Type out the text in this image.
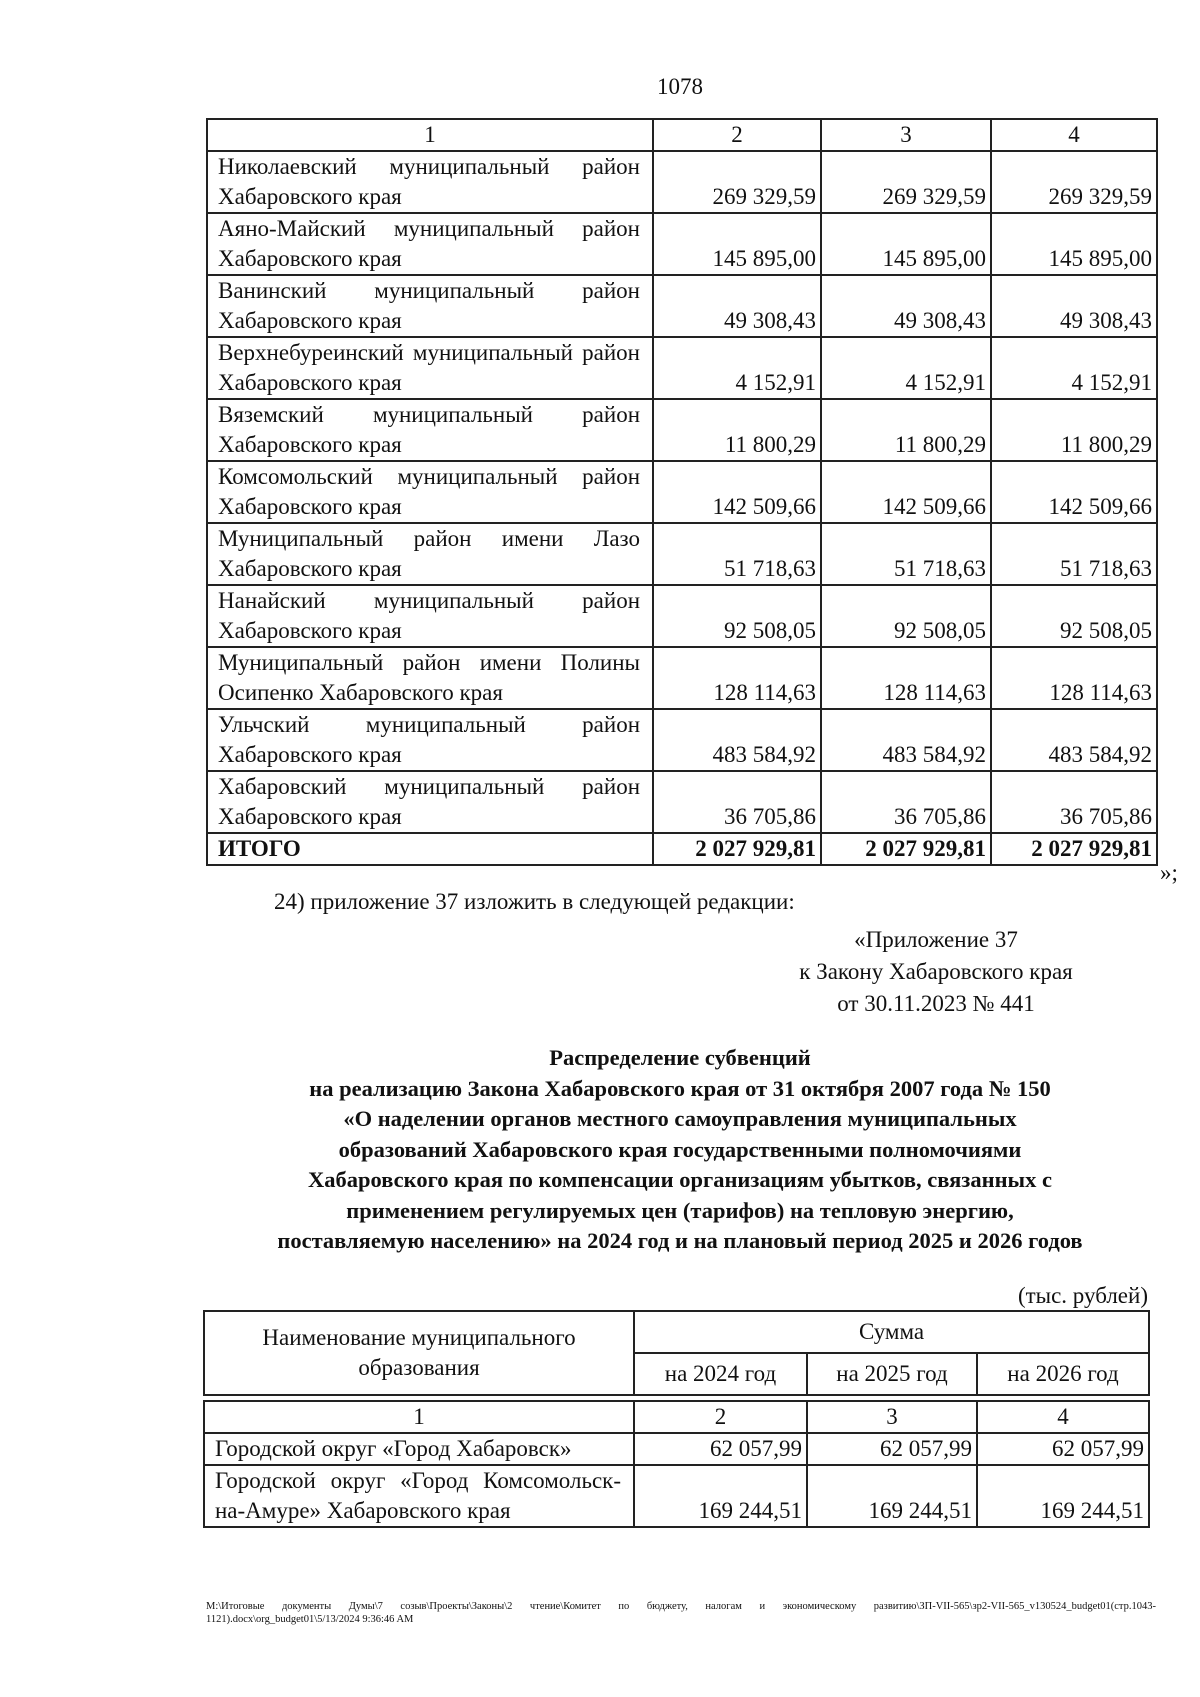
1078
1	2	3	4
Николаевский муниципальный район Хабаровского края	269 329,59	269 329,59	269 329,59
Аяно-Майский муниципальный район Хабаровского края	145 895,00	145 895,00	145 895,00
Ванинский муниципальный район Хабаровского края	49 308,43	49 308,43	49 308,43
Верхнебуреинский муниципальный район Хабаровского края	4 152,91	4 152,91	4 152,91
Вяземский муниципальный район Хабаровского края	11 800,29	11 800,29	11 800,29
Комсомольский муниципальный район Хабаровского края	142 509,66	142 509,66	142 509,66
Муниципальный район имени Лазо Хабаровского края	51 718,63	51 718,63	51 718,63
Нанайский муниципальный район Хабаровского края	92 508,05	92 508,05	92 508,05
Муниципальный район имени Полины Осипенко Хабаровского края	128 114,63	128 114,63	128 114,63
Ульчский муниципальный район Хабаровского края	483 584,92	483 584,92	483 584,92
Хабаровский муниципальный район Хабаровского края	36 705,86	36 705,86	36 705,86
ИТОГО	2 027 929,81	2 027 929,81	2 027 929,81
»;
24) приложение 37 изложить в следующей редакции:
«Приложение 37
к Закону Хабаровского края
от 30.11.2023 № 441
Распределение субвенций
на реализацию Закона Хабаровского края от 31 октября 2007 года № 150
«О наделении органов местного самоуправления муниципальных
образований Хабаровского края государственными полномочиями
Хабаровского края по компенсации организациям убытков, связанных с
применением регулируемых цен (тарифов) на тепловую энергию,
поставляемую населению» на 2024 год и на плановый период 2025 и 2026 годов
(тыс. рублей)
Наименование муниципального образования	Сумма		
	на 2024 год	на 2025 год	на 2026 год

1	2	3	4
Городской округ «Город Хабаровск»	62 057,99	62 057,99	62 057,99
Городской округ «Город Комсомольск-на-Амуре» Хабаровского края	169 244,51	169 244,51	169 244,51
M:\Итоговые документы Думы\7 созыв\Проекты\Законы\2 чтение\Комитет по бюджету, налогам и экономическому развитию\ЗП-VII-565\зр2-VII-565_v130524_budget01(стр.1043-1121).docx\org_budget01\5/13/2024 9:36:46 AM
